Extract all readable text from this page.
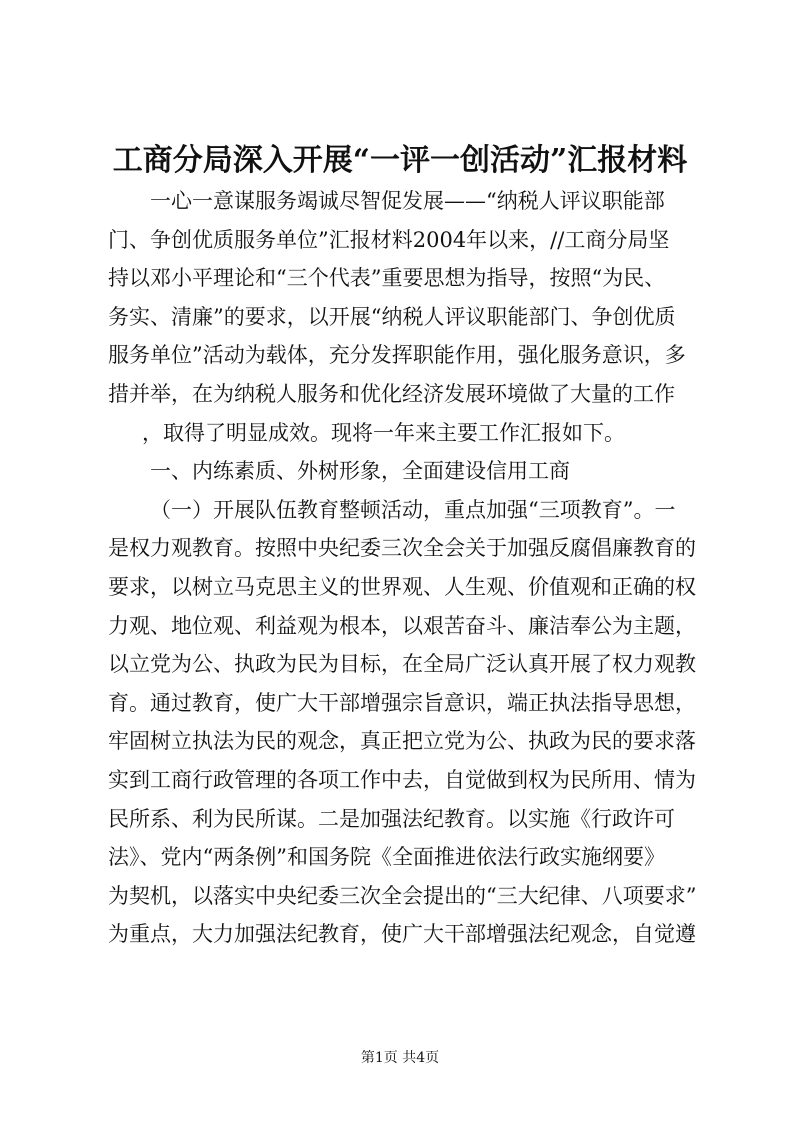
工商分局深入开展“一评一创活动”汇报材料
一心一意谋服务竭诚尽智促发展——“纳税人评议职能部
门、争创优质服务单位”汇报材料2004年以来，//工商分局坚
持以邓小平理论和“三个代表”重要思想为指导，按照“为民、
务实、清廉”的要求，以开展“纳税人评议职能部门、争创优质
服务单位”活动为载体，充分发挥职能作用，强化服务意识，多
措并举，在为纳税人服务和优化经济发展环境做了大量的工作
，取得了明显成效。现将一年来主要工作汇报如下。
一、内练素质、外树形象，全面建设信用工商
（一）开展队伍教育整顿活动，重点加强“三项教育”。一
是权力观教育。按照中央纪委三次全会关于加强反腐倡廉教育的
要求，以树立马克思主义的世界观、人生观、价值观和正确的权
力观、地位观、利益观为根本，以艰苦奋斗、廉洁奉公为主题，
以立党为公、执政为民为目标，在全局广泛认真开展了权力观教
育。通过教育，使广大干部增强宗旨意识，端正执法指导思想，
牢固树立执法为民的观念，真正把立党为公、执政为民的要求落
实到工商行政管理的各项工作中去，自觉做到权为民所用、情为
民所系、利为民所谋。二是加强法纪教育。以实施《行政许可
法》、党内“两条例”和国务院《全面推进依法行政实施纲要》
为契机，以落实中央纪委三次全会提出的“三大纪律、八项要求”
为重点，大力加强法纪教育，使广大干部增强法纪观念，自觉遵
第1页 共4页
